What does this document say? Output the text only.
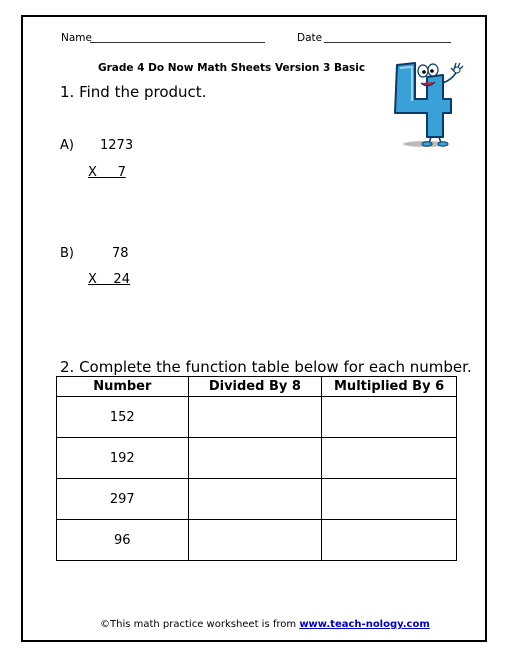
Name	Date
Grade 4 Do Now Math Sheets Version 3 Basic
1. Find the product.
A) 1273
X     7
B)	78
X    24
2. Complete the function table below for each number.
Number	Divided By 8	Multiplied By 6
152		
192		
297		
96		
©This math practice worksheet is from www.teach-nology.com
